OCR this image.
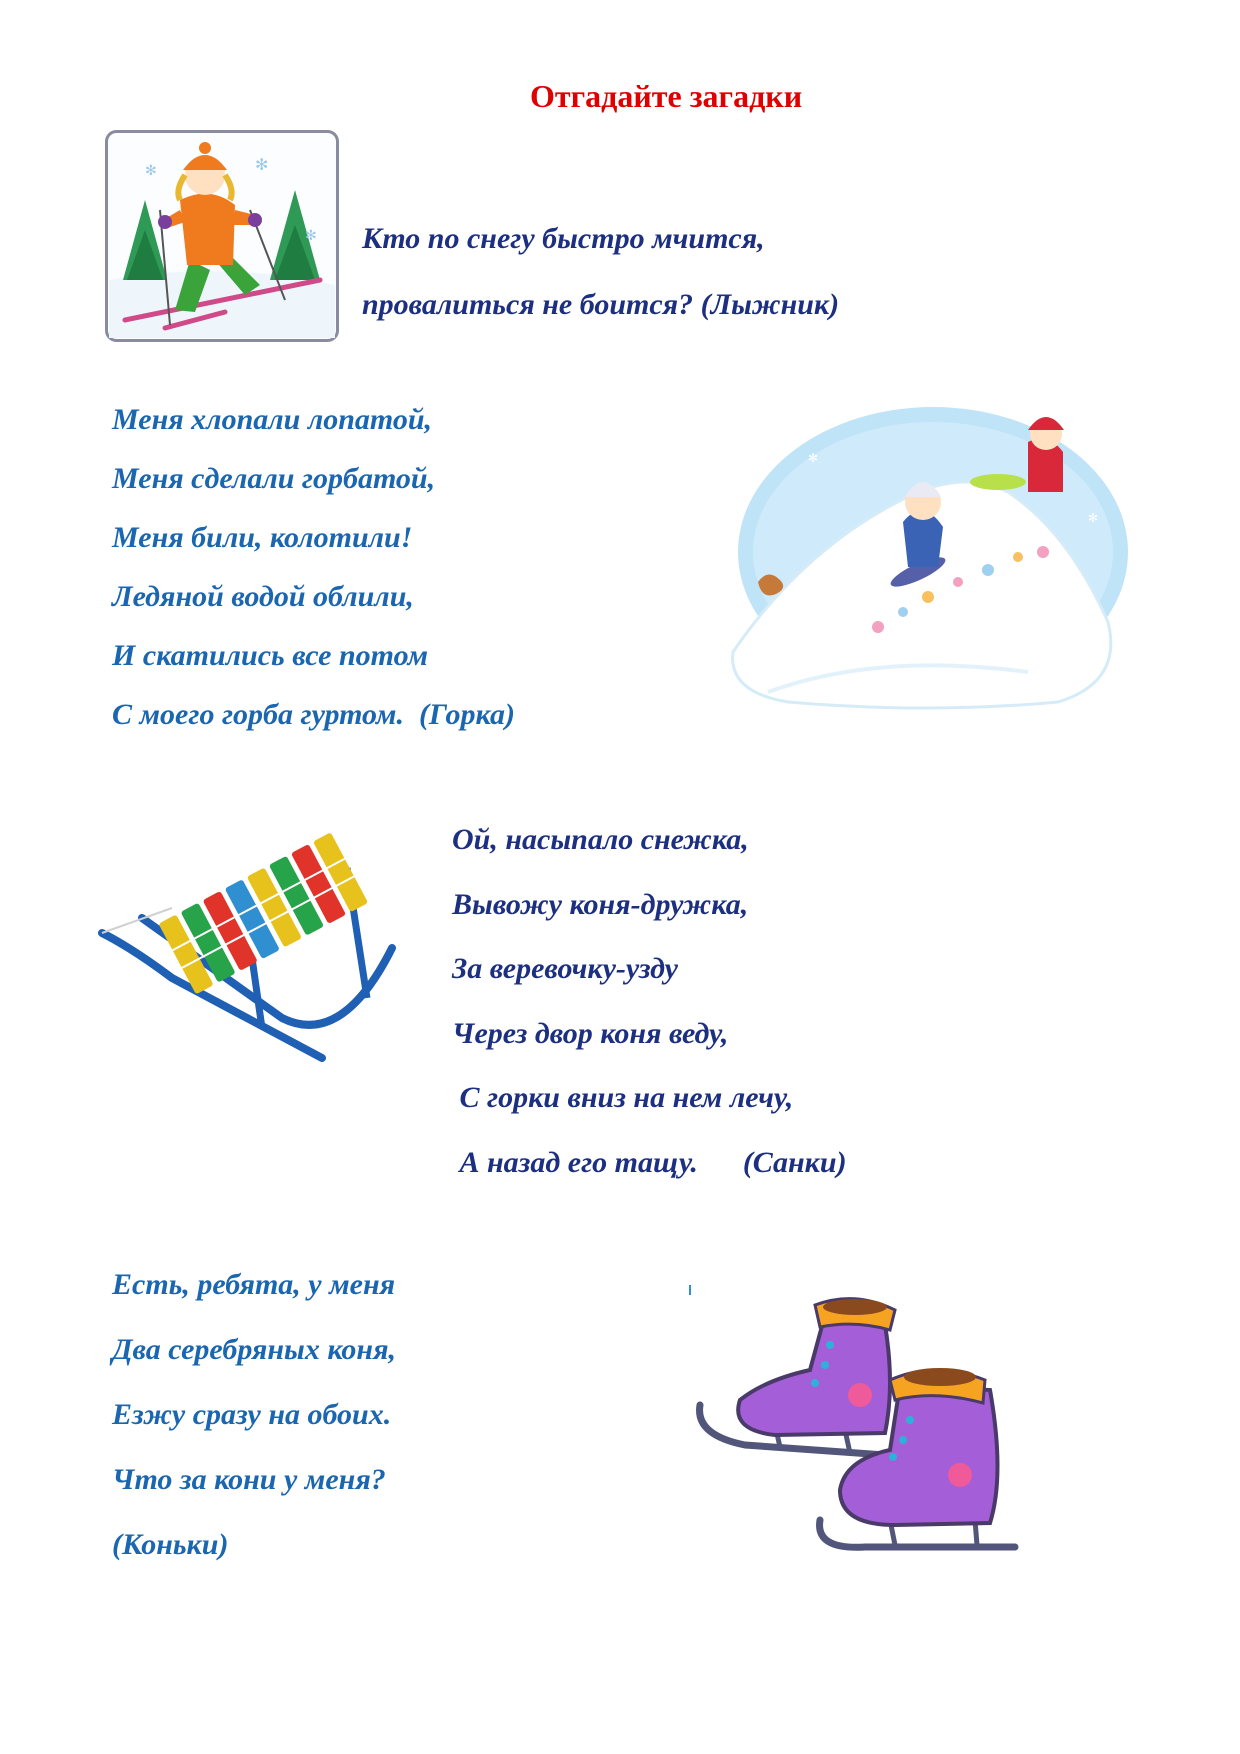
Отгадайте загадки
✻
✻
✻ Кто по снегу быстро мчится,
провалиться не боится? (Лыжник)
Меня хлопали лопатой,
Меня сделали горбатой,
Меня били, колотили!
Ледяной водой облили,
И скатились все потом
С моего горба гуртом.  (Горка)
✻
✻
Ой, насыпало снежка,
Вывожу коня-дружка,
За веревочку-узду
Через двор коня веду,
С горки вниз на нем лечу,
А назад его тащу.      (Санки)
Есть, ребята, у меня
Два серебряных коня,
Езжу сразу на обоих.
Что за кони у меня?
(Коньки)
